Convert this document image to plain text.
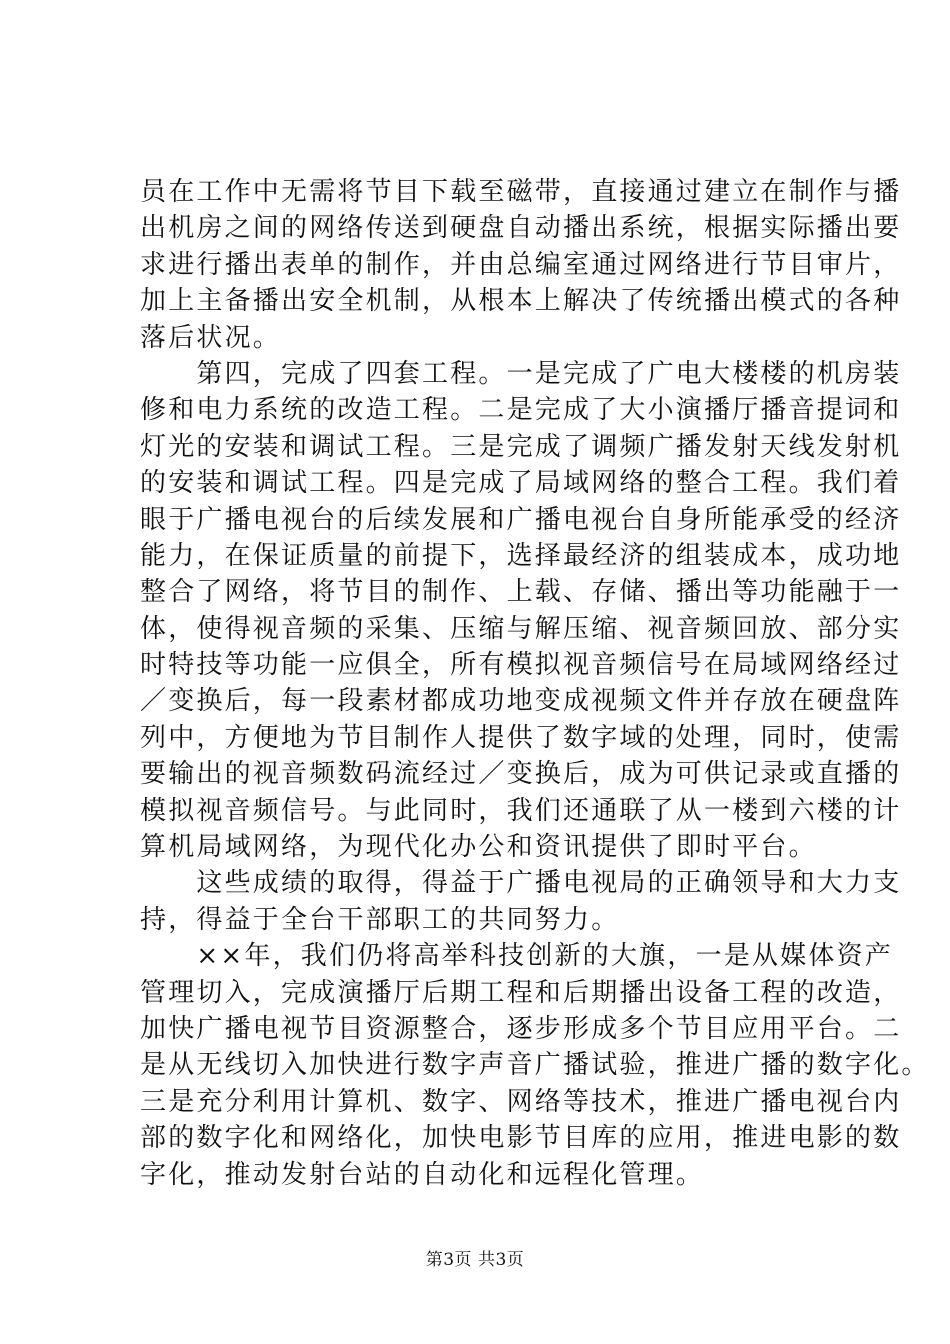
员在工作中无需将节目下载至磁带，直接通过建立在制作与播
出机房之间的网络传送到硬盘自动播出系统，根据实际播出要
求进行播出表单的制作，并由总编室通过网络进行节目审片，
加上主备播出安全机制，从根本上解决了传统播出模式的各种
落后状况。
　　第四，完成了四套工程。一是完成了广电大楼楼的机房装
修和电力系统的改造工程。二是完成了大小演播厅播音提词和
灯光的安装和调试工程。三是完成了调频广播发射天线发射机
的安装和调试工程。四是完成了局域网络的整合工程。我们着
眼于广播电视台的后续发展和广播电视台自身所能承受的经济
能力，在保证质量的前提下，选择最经济的组装成本，成功地
整合了网络，将节目的制作、上载、存储、播出等功能融于一
体，使得视音频的采集、压缩与解压缩、视音频回放、部分实
时特技等功能一应俱全，所有模拟视音频信号在局域网络经过
／变换后，每一段素材都成功地变成视频文件并存放在硬盘阵
列中，方便地为节目制作人提供了数字域的处理，同时，使需
要输出的视音频数码流经过／变换后，成为可供记录或直播的
模拟视音频信号。与此同时，我们还通联了从一楼到六楼的计
算机局域网络，为现代化办公和资讯提供了即时平台。
　　这些成绩的取得，得益于广播电视局的正确领导和大力支
持，得益于全台干部职工的共同努力。
　　××年，我们仍将高举科技创新的大旗，一是从媒体资产
管理切入，完成演播厅后期工程和后期播出设备工程的改造，
加快广播电视节目资源整合，逐步形成多个节目应用平台。二
是从无线切入加快进行数字声音广播试验，推进广播的数字化。
三是充分利用计算机、数字、网络等技术，推进广播电视台内
部的数字化和网络化，加快电影节目库的应用，推进电影的数
字化，推动发射台站的自动化和远程化管理。
第3页 共3页
